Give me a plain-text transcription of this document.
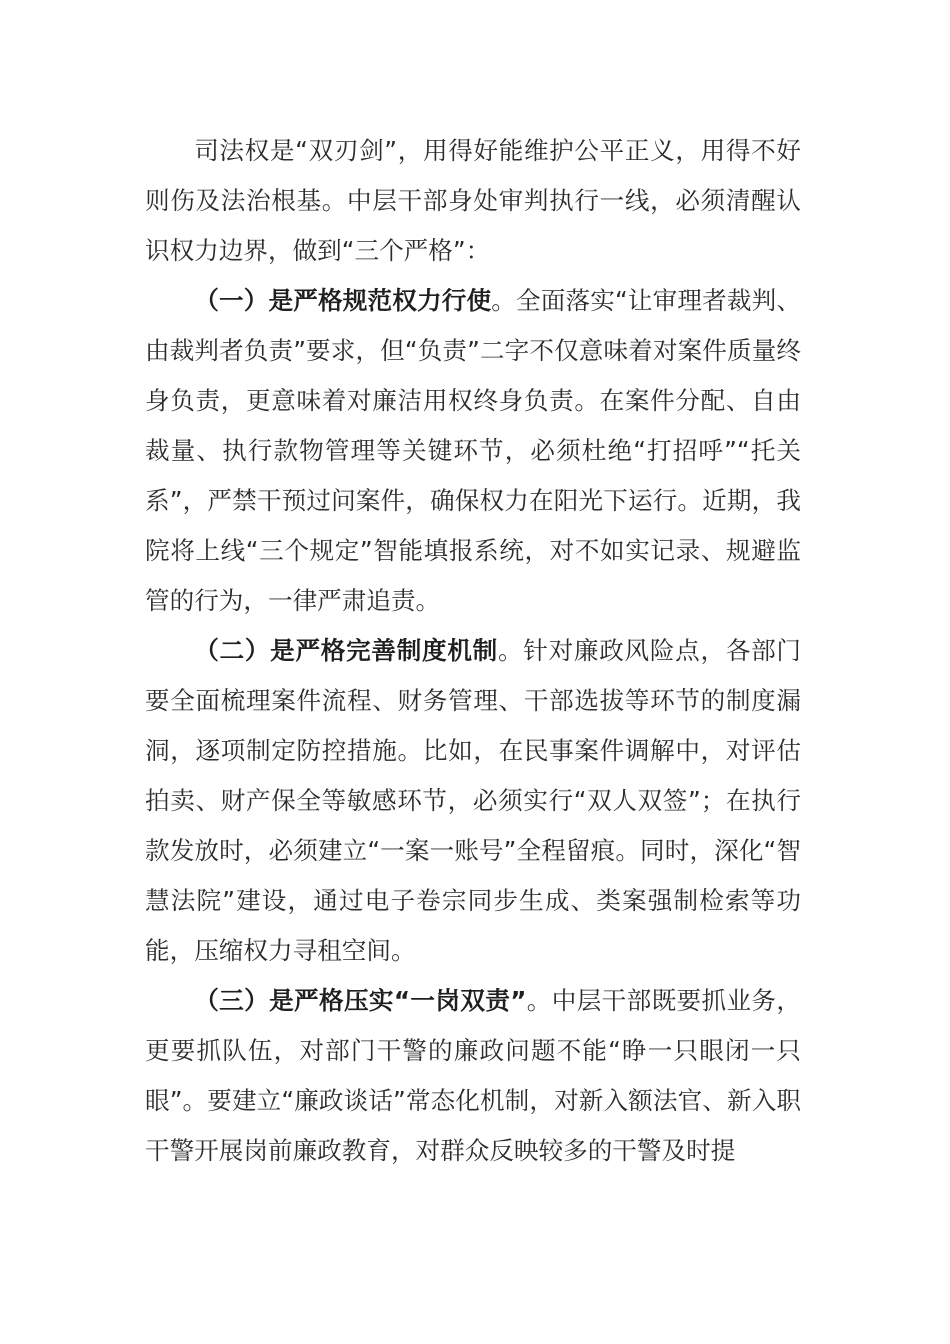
司法权是“双刃剑”，用得好能维护公平正义，用得不好则伤及法治根基。中层干部身处审判执行一线，必须清醒认识权力边界，做到“三个严格”：

（一）是严格规范权力行使。全面落实“让审理者裁判、由裁判者负责”要求，但“负责”二字不仅意味着对案件质量终身负责，更意味着对廉洁用权终身负责。在案件分配、自由裁量、执行款物管理等关键环节，必须杜绝“打招呼”“托关系”，严禁干预过问案件，确保权力在阳光下运行。近期，我院将上线“三个规定”智能填报系统，对不如实记录、规避监管的行为，一律严肃追责。

（二）是严格完善制度机制。针对廉政风险点，各部门要全面梳理案件流程、财务管理、干部选拔等环节的制度漏洞，逐项制定防控措施。比如，在民事案件调解中，对评估拍卖、财产保全等敏感环节，必须实行“双人双签”；在执行款发放时，必须建立“一案一账号”全程留痕。同时，深化“智慧法院”建设，通过电子卷宗同步生成、类案强制检索等功能，压缩权力寻租空间。

（三）是严格压实“一岗双责”。中层干部既要抓业务，更要抓队伍，对部门干警的廉政问题不能“睁一只眼闭一只眼”。要建立“廉政谈话”常态化机制，对新入额法官、新入职干警开展岗前廉政教育，对群众反映较多的干警及时提
